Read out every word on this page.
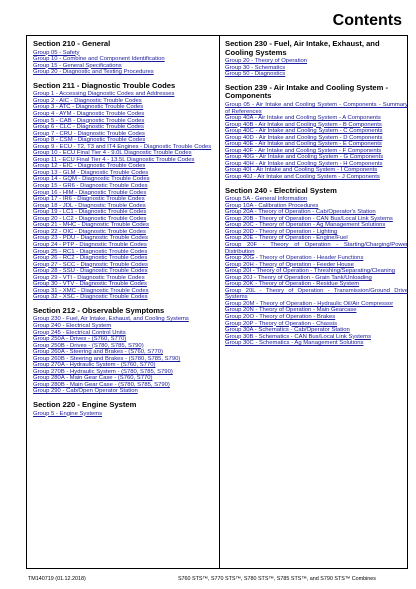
Contents
Section 210 - General
Group 05 - Safety
Group 10 - Combine and Component Identification
Group 15 - General Specifications
Group 20 - Diagnostic and Testing Procedures
Section 211 - Diagnostic Trouble Codes
Group 1 - Accessing Diagnostic Codes and Addresses
Group 2 - AIC - Diagnostic Trouble Codes
Group 3 - ATC - Diagnostic Trouble Codes
Group 4 - AYM - Diagnostic Trouble Codes
Group 5 - CAB - Diagnostic Trouble Codes
Group 6 - CLC - Diagnostic Trouble Codes
Group 7 - CRU - Diagnostic Trouble Codes
Group 8 - CSM - Diagnostic Trouble Codes
Group 9 - ECU - T2, T3 and IT4 Engines - Diagnostic Trouble Codes
Group 10 - ECU Final Tier 4 - 9.0L Diagnostic Trouble Codes
Group 11 - ECU Final Tier 4 - 13.5L Diagnostic Trouble Codes
Group 12 - EIC - Diagnostic Trouble Codes
Group 13 - GLM - Diagnostic Trouble Codes
Group 14 - GQM - Diagnostic Trouble Codes
Group 15 - GR6 - Diagnostic Trouble Codes
Group 16 - HIM - Diagnostic Trouble Codes
Group 17 - IR6 - Diagnostic Trouble Codes
Group 18 - JDL - Diagnostic Trouble Codes
Group 19 - LC1 - Diagnostic Trouble Codes
Group 20 - LC2 - Diagnostic Trouble Codes
Group 21 - MHC - Diagnostic Trouble Codes
Group 22 - OIC - Diagnostic Trouble Codes
Group 23 - PDU - Diagnostic Trouble Codes
Group 24 - PTP - Diagnostic Trouble Codes
Group 25 - RC1 - Diagnostic Trouble Codes
Group 26 - RC2 - Diagnostic Trouble Codes
Group 27 - SCC - Diagnostic Trouble Codes
Group 28 - SSU - Diagnostic Trouble Codes
Group 29 - VTI - Diagnostic Trouble Codes
Group 30 - VTV - Diagnostic Trouble Codes
Group 31 - XMC - Diagnostic Trouble Codes
Group 32 - XSC - Diagnostic Trouble Codes
Section 212 - Observable Symptoms
Group 230 - Fuel, Air Intake, Exhaust, and Cooling Systems
Group 240 - Electrical System
Group 245 - Electrical Control Units
Group 250A - Drives - (S760, S770)
Group 250B - Drives - (S780, S785, S790)
Group 260A - Steering and Brakes - (S760, S770)
Group 260B - Steering and Brakes - (S780, S785, S790)
Group 270A - Hydraulic System - (S760, S770)
Group 270B - Hydraulic System - (S780, S785, S790)
Group 280A - Main Gear Case - (S760, S770)
Group 280B - Main Gear Case - (S780, S785, S790)
Group 290 - Cab/Open Operator Station
Section 220 - Engine System
Group 5 - Engine Systems
Section 230 - Fuel, Air Intake, Exhaust, and Cooling Systems
Group 20 - Theory of Operation
Group 30 - Schematics
Group 50 - Diagnostics
Section 239 - Air Intake and Cooling System - Components
Group 05 - Air Intake and Cooling System - Components - Summary of References
Group 40A - Air Intake and Cooling System - A Components
Group 40B - Air Intake and Cooling System - B Components
Group 40C - Air Intake and Cooling System - C Components
Group 40D - Air Intake and Cooling System - D Components
Group 40E - Air Intake and Cooling System - E Components
Group 40F - Air Intake and Cooling System - F Components
Group 40G - Air Intake and Cooling System - G Components
Group 40H - Air Intake and Cooling System - H Components
Group 40I - Air Intake and Cooling System - I Components
Group 40J - Air Intake and Cooling System - J Components
Section 240 - Electrical System
Group 5A - General Information
Group 10A - Calibration Procedures
Group 20A - Theory of Operation - Cab/Operator's Station
Group 20B - Theory of Operation - CAN Bus/Local Link Systems
Group 20C - Theory of Operation - Ag Management Solutions
Group 20D - Theory of Operation - Lighting
Group 20E - Theory of Operation - Engine/Fuel
Group 20F - Theory of Operation - Starting/Charging/Power Distribution
Group 20G - Theory of Operation - Header Functions
Group 20H - Theory of Operation - Feeder House
Group 20I - Theory of Operation - Threshing/Separating/Cleaning
Group 20J - Theory of Operation - Grain Tank/Unloading
Group 20K - Theory of Operation - Residue System
Group 20L - Theory of Operation - Transmission/Ground Drive Systems
Group 20M - Theory of Operation - Hydraulic Oil/Air Compressor
Group 20N - Theory of Operation - Main Gearcase
Group 20O - Theory of Operation - Brakes
Group 20P - Theory of Operation - Chassis
Group 30A - Schematics - Cab/Operator Station
Group 30B - Schematics - CAN Bus/Local Link Systems
Group 30C - Schematics - Ag Management Solutions
TM140719 (01.12.2018)	S760 STS™, S770 STS™, S780 STS™, S785 STS™, and S790 STS™ Combines
